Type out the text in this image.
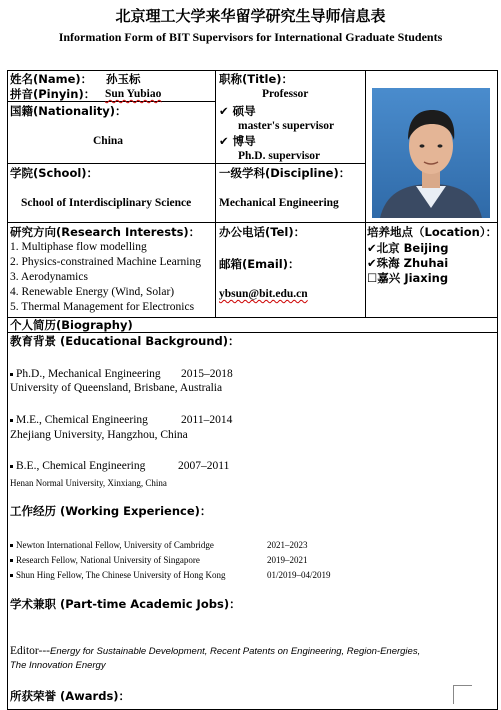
北京理工大学来华留学研究生导师信息表
Information Form of BIT Supervisors for International Graduate Students
姓名(Name)： 孙玉标
拼音(Pinyin)： Sun Yubiao
职称(Title)：
Professor
国籍(Nationality)：
China
✔ 硕导
master's supervisor
✔ 博导
Ph.D. supervisor
学院(School)：
School of Interdisciplinary Science
一级学科(Discipline)：
Mechanical Engineering
研究方向(Research Interests)：
1. Multiphase flow modelling
2. Physics-constrained Machine Learning
3. Aerodynamics
4. Renewable Energy (Wind, Solar)
5. Thermal Management for Electronics
办公电话(Tel)：
邮箱(Email)：
ybsun@bit.edu.cn
培养地点（Location）：
✔北京 Beijing
✔珠海 Zhuhai
☐嘉兴 Jiaxing
个人简历(Biography)
教育背景 (Educational Background)：
Ph.D., Mechanical Engineering 2015–2018
University of Queensland, Brisbane, Australia
M.E., Chemical Engineering	2011–2014
Zhejiang University, Hangzhou, China
B.E., Chemical Engineering	2007–2011
Henan Normal University, Xinxiang, China
工作经历 (Working Experience)：
Newton International Fellow, University of Cambridge	2021–2023
Research Fellow, National University of Singapore	2019–2021
Shun Hing Fellow, The Chinese University of Hong Kong	01/2019–04/2019
学术兼职 (Part-time Academic Jobs)：
Editor---Energy for Sustainable Development, Recent Patents on Engineering, Region-Energies,
The Innovation Energy
所获荣誉 (Awards)：
